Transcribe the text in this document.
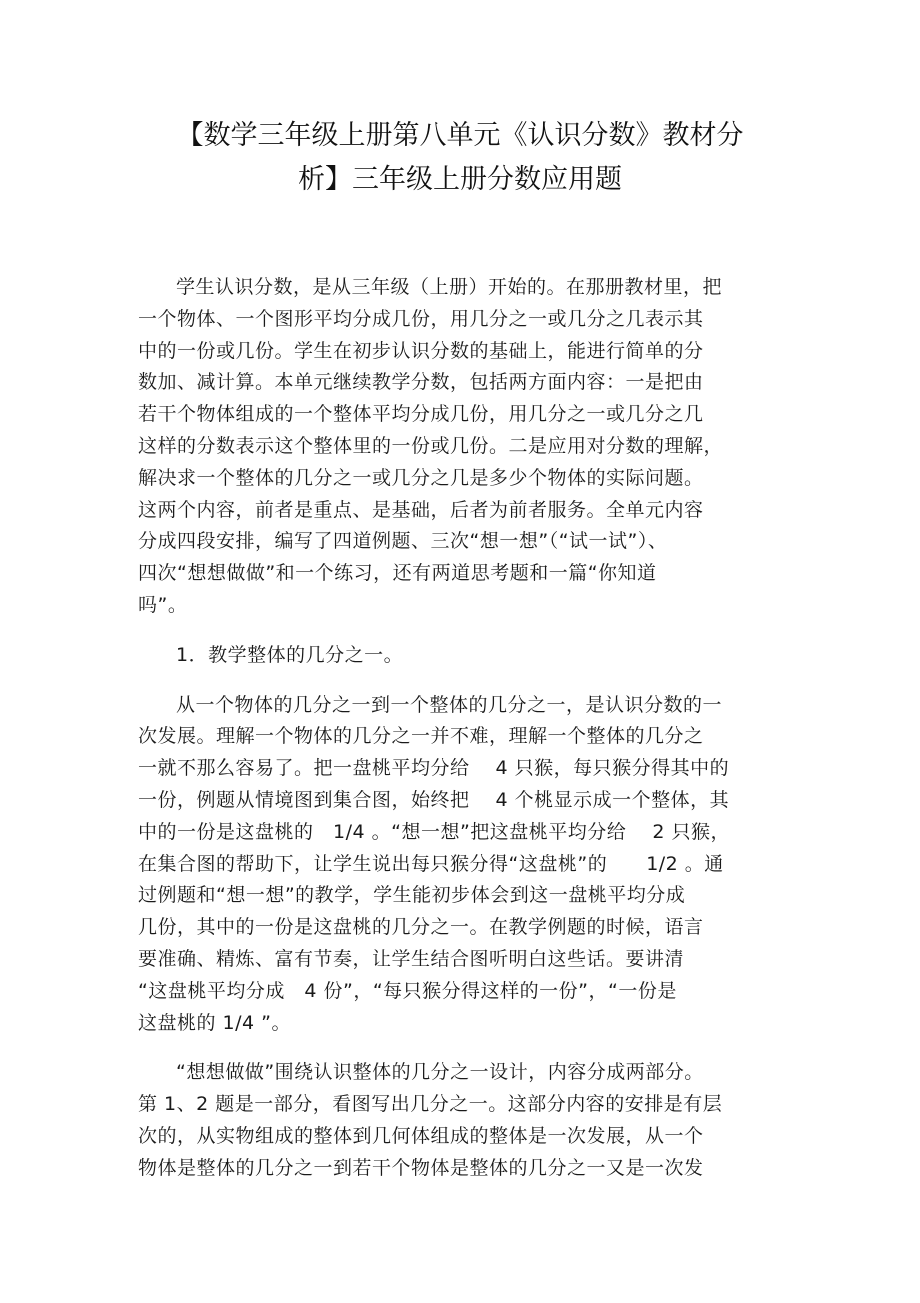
【数学三年级上册第八单元《认识分数》教材分
析】三年级上册分数应用题
学生认识分数，是从三年级（上册）开始的。在那册教材里，把
一个物体、一个图形平均分成几份，用几分之一或几分之几表示其
中的一份或几份。学生在初步认识分数的基础上，能进行简单的分
数加、减计算。本单元继续教学分数，包括两方面内容：一是把由
若干个物体组成的一个整体平均分成几份，用几分之一或几分之几
这样的分数表示这个整体里的一份或几份。二是应用对分数的理解，
解决求一个整体的几分之一或几分之几是多少个物体的实际问题。
这两个内容，前者是重点、是基础，后者为前者服务。全单元内容
分成四段安排，编写了四道例题、三次“想一想”（“试一试”）、
四次“想想做做”和一个练习，还有两道思考题和一篇“你知道
吗”。
1．教学整体的几分之一。
从一个物体的几分之一到一个整体的几分之一，是认识分数的一
次发展。理解一个物体的几分之一并不难，理解一个整体的几分之
一就不那么容易了。把一盘桃平均分给　 4 只猴，每只猴分得其中的
一份，例题从情境图到集合图，始终把　 4 个桃显示成一个整体，其
中的一份是这盘桃的　1/4 。“想一想”把这盘桃平均分给　 2 只猴，
在集合图的帮助下，让学生说出每只猴分得“这盘桃”的　　1/2 。通
过例题和“想一想”的教学，学生能初步体会到这一盘桃平均分成
几份，其中的一份是这盘桃的几分之一。在教学例题的时候，语言
要准确、精炼、富有节奏，让学生结合图听明白这些话。要讲清
“这盘桃平均分成　4 份”，“每只猴分得这样的一份”，“一份是
这盘桃的 1/4 ”。
“想想做做”围绕认识整体的几分之一设计，内容分成两部分。
第 1、2 题是一部分，看图写出几分之一。这部分内容的安排是有层
次的，从实物组成的整体到几何体组成的整体是一次发展，从一个
物体是整体的几分之一到若干个物体是整体的几分之一又是一次发
